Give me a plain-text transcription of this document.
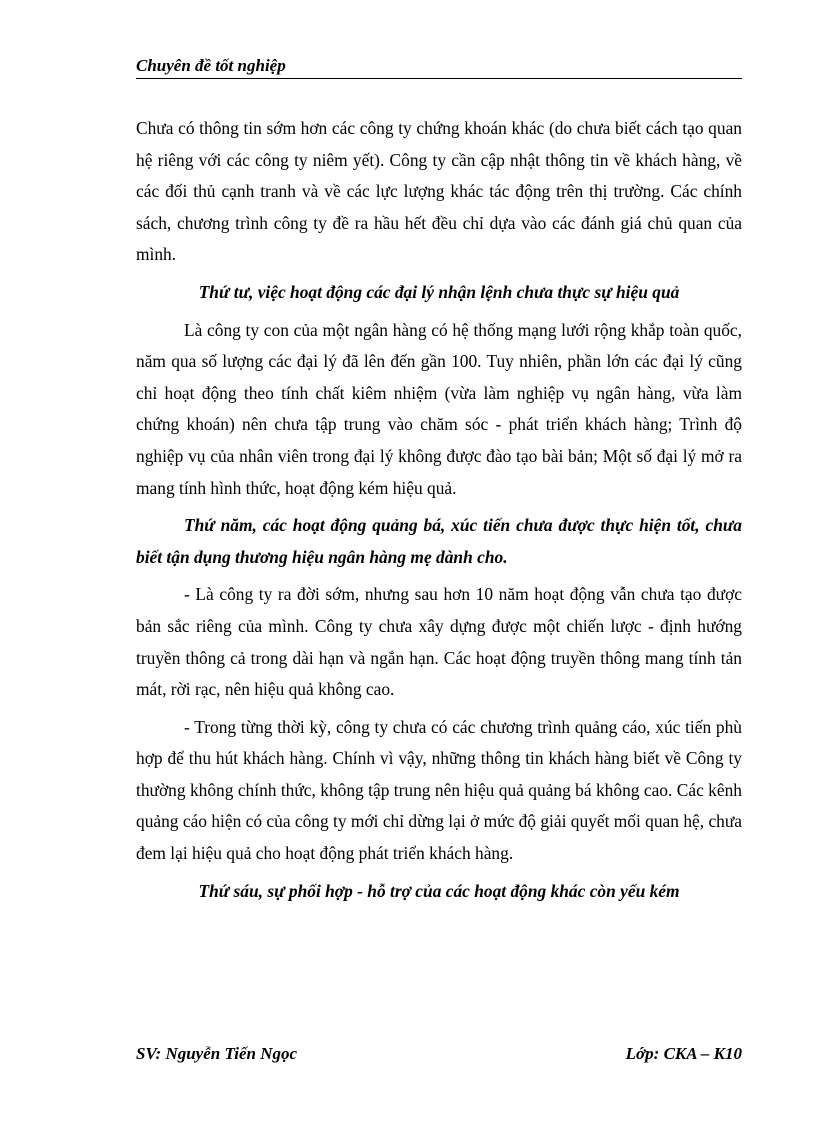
Chuyên đề tốt nghiệp

Chưa có thông tin sớm hơn các công ty chứng khoán khác (do chưa biết cách tạo quan hệ riêng với các công ty niêm yết). Công ty cần cập nhật thông tin về khách hàng, về các đối thủ cạnh tranh và về các lực lượng khác tác động trên thị trường. Các chính sách, chương trình công ty đề ra hầu hết đều chỉ dựa vào các đánh giá chủ quan của mình.

Thứ tư, việc hoạt động các đại lý nhận lệnh chưa thực sự hiệu quả

Là công ty con của một ngân hàng có hệ thống mạng lưới rộng khắp toàn quốc, năm qua số lượng các đại lý đã lên đến gần 100. Tuy nhiên, phần lớn các đại lý cũng chỉ hoạt động theo tính chất kiêm nhiệm (vừa làm nghiệp vụ ngân hàng, vừa làm chứng khoán) nên chưa tập trung vào chăm sóc - phát triển khách hàng; Trình độ nghiệp vụ của nhân viên trong đại lý không được đào tạo bài bản; Một số đại lý mở ra mang tính hình thức, hoạt động kém hiệu quả.

Thứ năm, các hoạt động quảng bá, xúc tiến chưa được thực hiện tốt, chưa biết tận dụng thương hiệu ngân hàng mẹ dành cho.

- Là công ty ra đời sớm, nhưng sau hơn 10 năm hoạt động vẫn chưa tạo được bản sắc riêng của mình. Công ty chưa xây dựng được một chiến lược - định hướng truyền thông cả trong dài hạn và ngắn hạn. Các hoạt động truyền thông mang tính tản mát, rời rạc, nên hiệu quả không cao.

- Trong từng thời kỳ, công ty chưa có các chương trình quảng cáo, xúc tiến phù hợp để thu hút khách hàng. Chính vì vậy, những thông tin khách hàng biết về Công ty thường không chính thức, không tập trung nên hiệu quả quảng bá không cao. Các kênh quảng cáo hiện có của công ty mới chỉ dừng lại ở mức độ giải quyết mối quan hệ, chưa đem lại hiệu quả cho hoạt động phát triển khách hàng.

Thứ sáu, sự phối hợp - hỗ trợ của các hoạt động khác còn yếu kém

SV: Nguyễn Tiến Ngọc	Lớp: CKA – K10
